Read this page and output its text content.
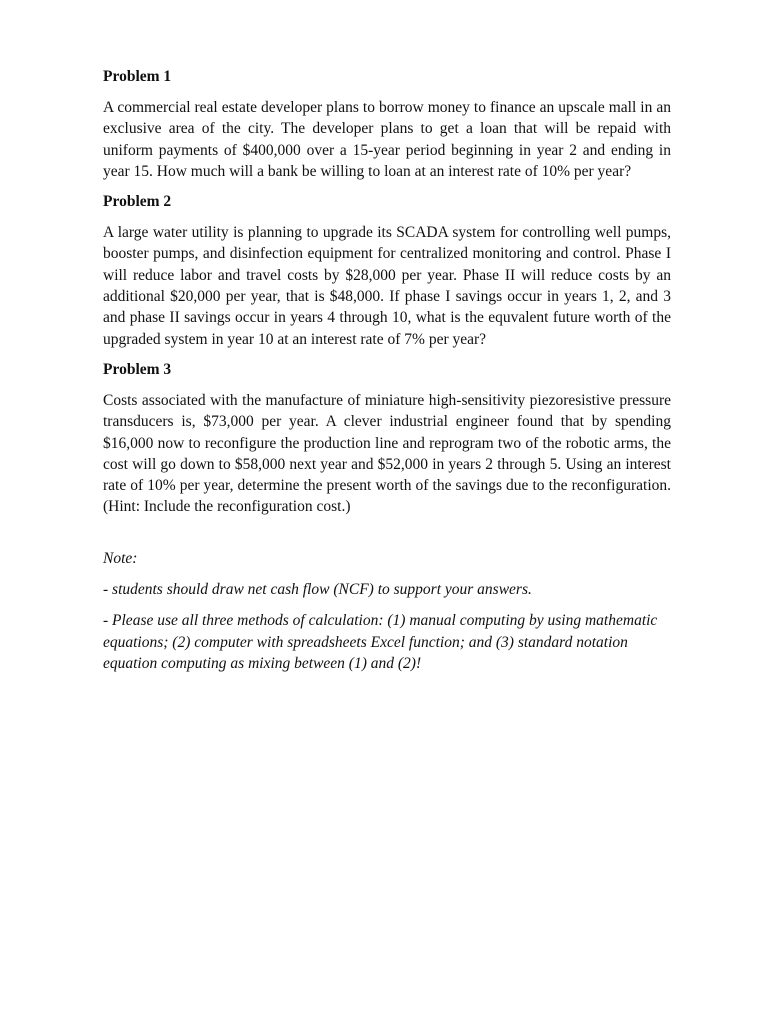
Problem 1

A commercial real estate developer plans to borrow money to finance an upscale mall in an exclusive area of the city. The developer plans to get a loan that will be repaid with uniform payments of $400,000 over a 15-year period beginning in year 2 and ending in year 15. How much will a bank be willing to loan at an interest rate of 10% per year?

Problem 2

A large water utility is planning to upgrade its SCADA system for controlling well pumps, booster pumps, and disinfection equipment for centralized monitoring and control. Phase I will reduce labor and travel costs by $28,000 per year. Phase II will reduce costs by an additional $20,000 per year, that is $48,000. If phase I savings occur in years 1, 2, and 3 and phase II savings occur in years 4 through 10, what is the equvalent future worth of the upgraded system in year 10 at an interest rate of 7% per year?

Problem 3

Costs associated with the manufacture of miniature high-sensitivity piezoresistive pressure transducers is, $73,000 per year. A clever industrial engineer found that by spending $16,000 now to reconfigure the production line and reprogram two of the robotic arms, the cost will go down to $58,000 next year and $52,000 in years 2 through 5. Using an interest rate of 10% per year, determine the present worth of the savings due to the reconfiguration. (Hint: Include the reconfiguration cost.)

Note:

- students should draw net cash flow (NCF) to support your answers.

- Please use all three methods of calculation: (1) manual computing by using mathematic equations; (2) computer with spreadsheets Excel function; and (3) standard notation equation computing as mixing between (1) and (2)!
